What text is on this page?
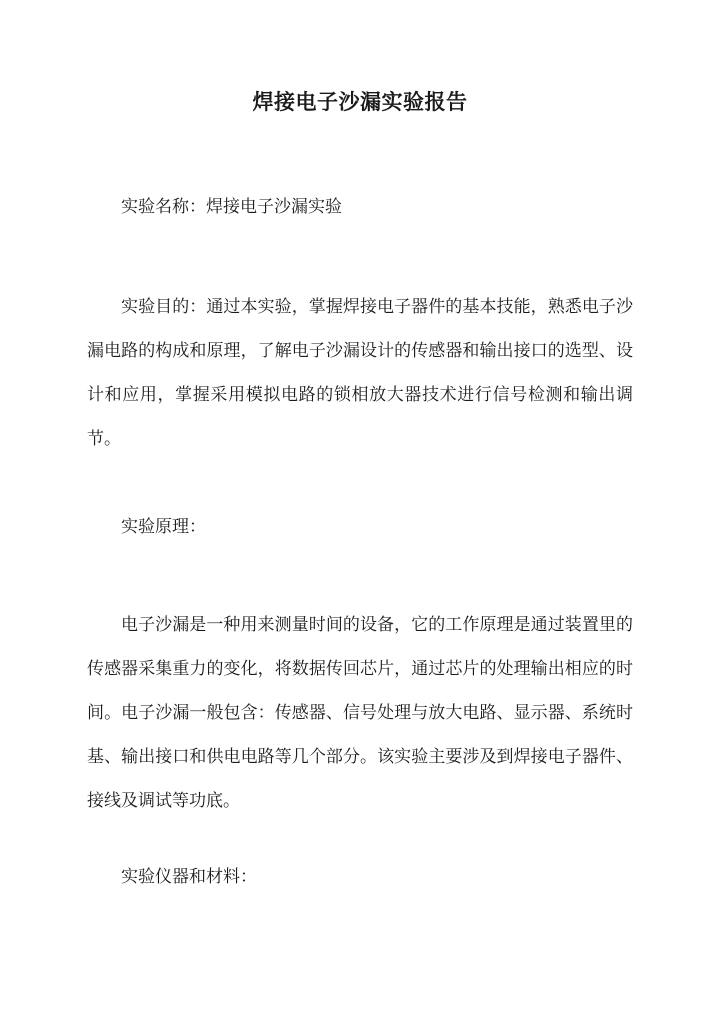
焊接电子沙漏实验报告

实验名称：焊接电子沙漏实验

实验目的：通过本实验，掌握焊接电子器件的基本技能，熟悉电子沙漏电路的构成和原理，了解电子沙漏设计的传感器和输出接口的选型、设计和应用，掌握采用模拟电路的锁相放大器技术进行信号检测和输出调节。

实验原理：

电子沙漏是一种用来测量时间的设备，它的工作原理是通过装置里的传感器采集重力的变化，将数据传回芯片，通过芯片的处理输出相应的时间。电子沙漏一般包含：传感器、信号处理与放大电路、显示器、系统时基、输出接口和供电电路等几个部分。该实验主要涉及到焊接电子器件、接线及调试等功底。

实验仪器和材料：
